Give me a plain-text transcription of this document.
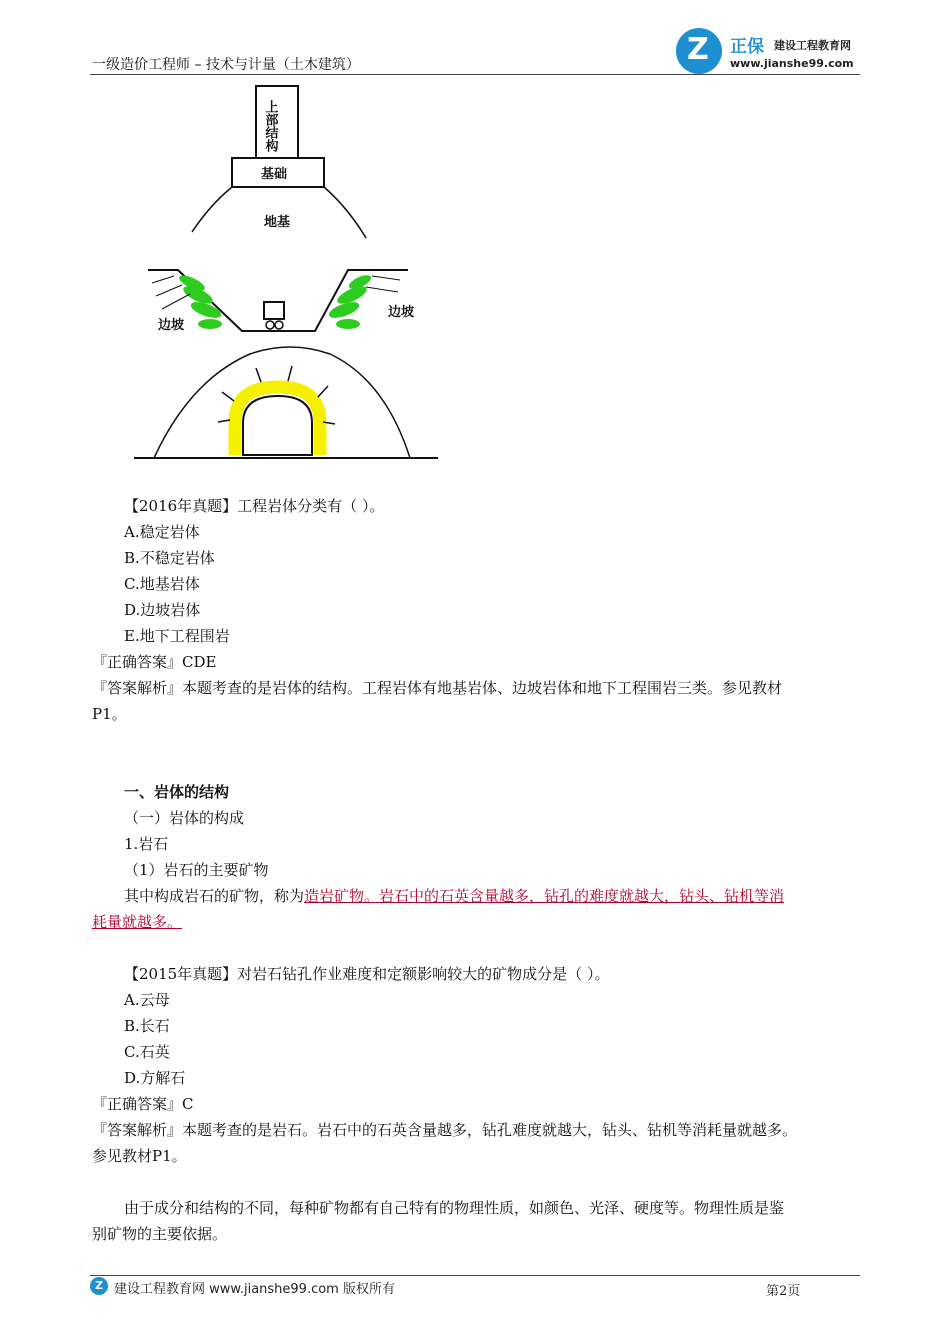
一级造价工程师 – 技术与计量（土木建筑）	Z 正保 建设工程教育网
www.jianshe99.com
上部结构
基础
地基
边坡
边坡
【2016年真题】工程岩体分类有（ ）。
A.稳定岩体
B.不稳定岩体
C.地基岩体
D.边坡岩体
E.地下工程围岩
『正确答案』CDE
『答案解析』本题考查的是岩体的结构。工程岩体有地基岩体、边坡岩体和地下工程围岩三类。参见教材
P1。
一、岩体的结构
（一）岩体的构成
1.岩石
（1）岩石的主要矿物
其中构成岩石的矿物，称为造岩矿物。岩石中的石英含量越多，钻孔的难度就越大，钻头、钻机等消
耗量就越多。
【2015年真题】对岩石钻孔作业难度和定额影响较大的矿物成分是（ ）。
A.云母
B.长石
C.石英
D.方解石
『正确答案』C
『答案解析』本题考查的是岩石。岩石中的石英含量越多，钻孔难度就越大，钻头、钻机等消耗量就越多。
参见教材P1。
由于成分和结构的不同，每种矿物都有自己特有的物理性质，如颜色、光泽、硬度等。物理性质是鉴
别矿物的主要依据。
Z 建设工程教育网 www.jianshe99.com 版权所有	第2页
